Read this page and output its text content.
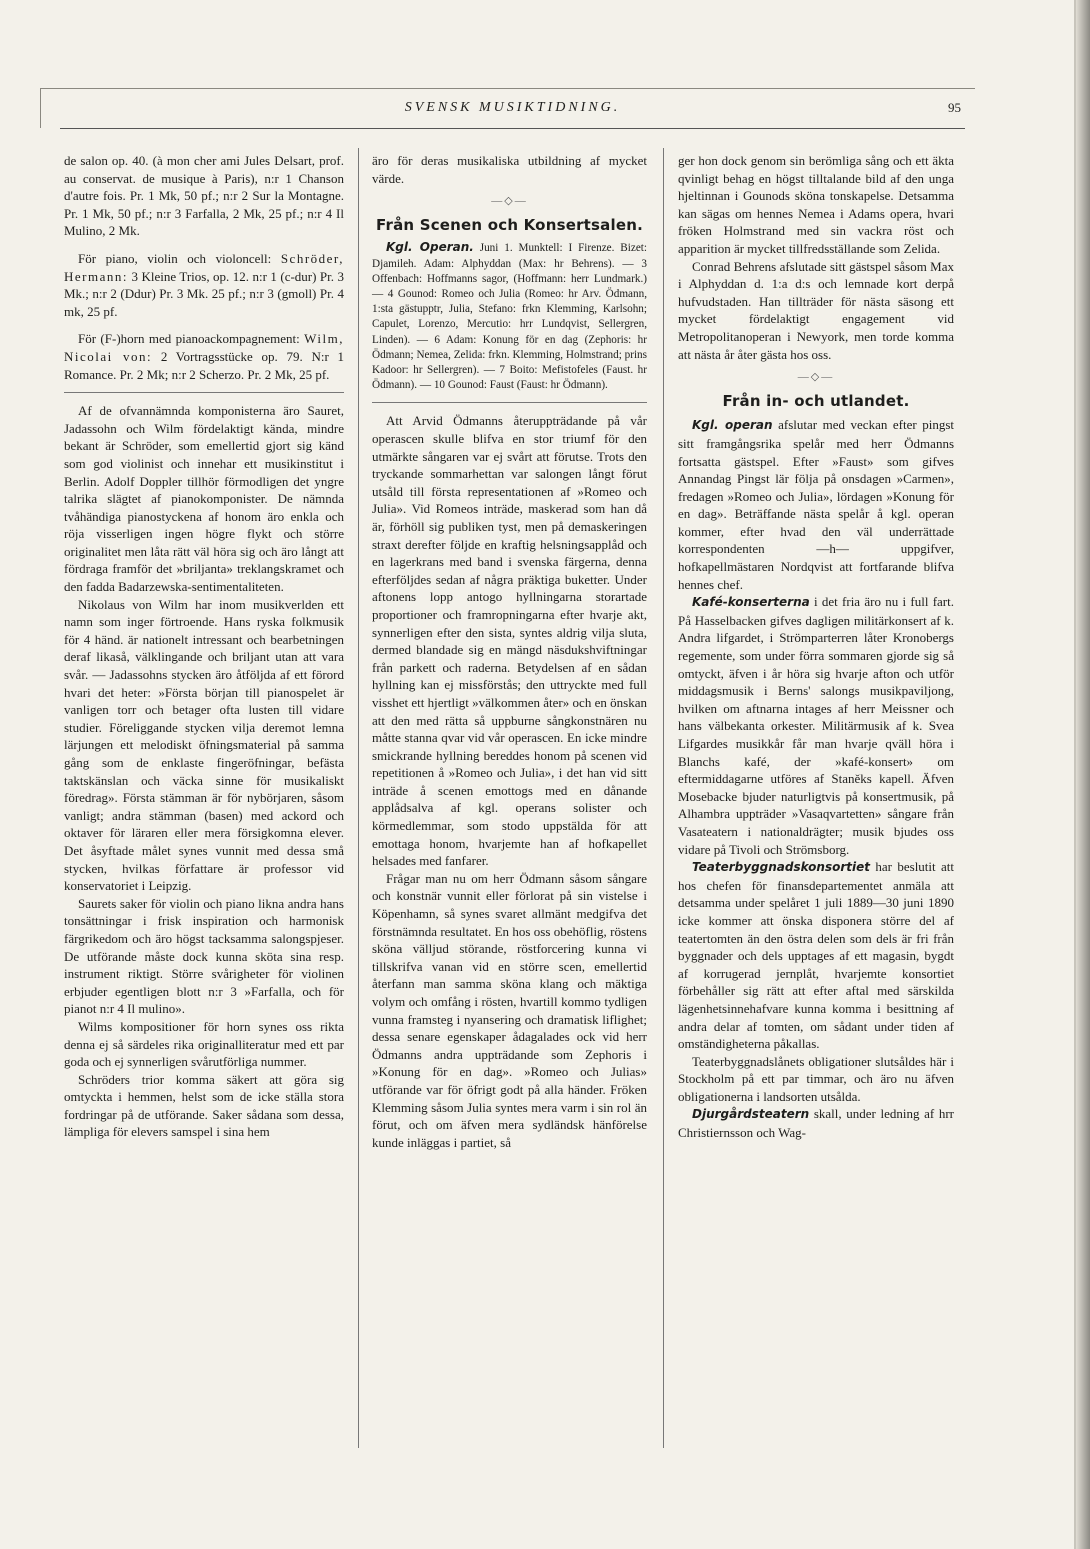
SVENSK MUSIKTIDNING.	95

de salon op. 40. (à mon cher ami Jules Delsart, prof. au conservat. de musique à Paris), n:r 1 Chanson d'autre fois. Pr. 1 Mk, 50 pf.; n:r 2 Sur la Montagne. Pr. 1 Mk, 50 pf.; n:r 3 Farfalla, 2 Mk, 25 pf.; n:r 4 Il Mulino, 2 Mk.

För piano, violin och violoncell: Schröder, Hermann: 3 Kleine Trios, op. 12. n:r 1 (c-dur) Pr. 3 Mk.; n:r 2 (Ddur) Pr. 3 Mk. 25 pf.; n:r 3 (gmoll) Pr. 4 mk, 25 pf.

För (F-)horn med pianoackompagnement: Wilm, Nicolai von: 2 Vortragsstücke op. 79. N:r 1 Romance. Pr. 2 Mk; n:r 2 Scherzo. Pr. 2 Mk, 25 pf.

Af de ofvannämnda komponisterna äro Sauret, Jadassohn och Wilm fördelaktigt kända, mindre bekant är Schröder, som emellertid gjort sig känd som god violinist och innehar ett musikinstitut i Berlin. Adolf Doppler tillhör förmodligen det yngre talrika slägtet af pianokomponister. De nämnda tvåhändiga pianostyckena af honom äro enkla och röja visserligen ingen högre flykt och större originalitet men låta rätt väl höra sig och äro långt att fördraga framför det »briljanta» treklangskramet och den fadda Badarzewska-sentimentaliteten.

Nikolaus von Wilm har inom musikverlden ett namn som inger förtroende. Hans ryska folkmusik för 4 händ. är nationelt intressant och bearbetningen deraf likaså, välklingande och briljant utan att vara svår. — Jadassohns stycken äro åtföljda af ett förord hvari det heter: »Första början till pianospelet är vanligen torr och betager ofta lusten till vidare studier. Föreliggande stycken vilja deremot lemna lärjungen ett melodiskt öfningsmaterial på samma gång som de enklaste fingeröfningar, befästa taktskänslan och väcka sinne för musikaliskt föredrag». Första stämman är för nybörjaren, såsom vanligt; andra stämman (basen) med ackord och oktaver för läraren eller mera försigkomna elever. Det åsyftade målet synes vunnit med dessa små stycken, hvilkas författare är professor vid konservatoriet i Leipzig.

Saurets saker för violin och piano likna andra hans tonsättningar i frisk inspiration och harmonisk färgrikedom och äro högst tacksamma salongspjeser. De utförande måste dock kunna sköta sina resp. instrument riktigt. Större svårigheter för violinen erbjuder egentligen blott n:r 3 »Farfalla, och för pianot n:r 4 Il mulino».

Wilms kompositioner för horn synes oss rikta denna ej så särdeles rika originalliteratur med ett par goda och ej synnerligen svårutförliga nummer.

Schröders trior komma säkert att göra sig omtyckta i hemmen, helst som de icke ställa stora fordringar på de utförande. Saker sådana som dessa, lämpliga för elevers samspel i sina hem

äro för deras musikaliska utbildning af mycket värde.

—◇—
Från Scenen och Konsertsalen.

Kgl. Operan. Juni 1. Munktell: I Firenze. Bizet: Djamileh. Adam: Alphyddan (Max: hr Behrens). — 3 Offenbach: Hoffmanns sagor, (Hoffmann: herr Lundmark.) — 4 Gounod: Romeo och Julia (Romeo: hr Arv. Ödmann, 1:sta gästupptr, Julia, Stefano: frkn Klemming, Karlsohn; Capulet, Lorenzo, Mercutio: hrr Lundqvist, Sellergren, Linden). — 6 Adam: Konung för en dag (Zephoris: hr Ödmann; Nemea, Zelida: frkn. Klemming, Holmstrand; prins Kadoor: hr Sellergren). — 7 Boito: Mefistofeles (Faust. hr Ödmann). — 10 Gounod: Faust (Faust: hr Ödmann).

Att Arvid Ödmanns återuppträdande på vår operascen skulle blifva en stor triumf för den utmärkte sångaren var ej svårt att förutse. Trots den tryckande sommarhettan var salongen långt förut utsåld till första representationen af »Romeo och Julia». Vid Romeos inträde, maskerad som han då är, förhöll sig publiken tyst, men på demaskeringen straxt derefter följde en kraftig helsningsapplåd och en lagerkrans med band i svenska färgerna, denna efterföljdes sedan af några präktiga buketter. Under aftonens lopp antogo hyllningarna storartade proportioner och framropningarna efter hvarje akt, synnerligen efter den sista, syntes aldrig vilja sluta, dermed blandade sig en mängd näsdukshviftningar från parkett och raderna. Betydelsen af en sådan hyllning kan ej missförstås; den uttryckte med full visshet ett hjertligt »välkommen åter» och en önskan att den med rätta så uppburne sångkonstnären nu måtte stanna qvar vid vår operascen. En icke mindre smickrande hyllning bereddes honom på scenen vid repetitionen å »Romeo och Julia», i det han vid sitt inträde å scenen emottogs med en dånande applådsalva af kgl. operans solister och körmedlemmar, som stodo uppstälda för att emottaga honom, hvarjemte han af hofkapellet helsades med fanfarer.

Frågar man nu om herr Ödmann såsom sångare och konstnär vunnit eller förlorat på sin vistelse i Köpenhamn, så synes svaret allmänt medgifva det förstnämnda resultatet. En hos oss obehöflig, röstens sköna välljud störande, röstforcering kunna vi tillskrifva vanan vid en större scen, emellertid återfann man samma sköna klang och mäktiga volym och omfång i rösten, hvartill kommo tydligen vunna framsteg i nyansering och dramatisk liflighet; dessa senare egenskaper ådagalades ock vid herr Ödmanns andra uppträdande som Zephoris i »Konung för en dag». »Romeo och Julias» utförande var för öfrigt godt på alla händer. Fröken Klemming såsom Julia syntes mera varm i sin rol än förut, och om äfven mera sydländsk hänförelse kunde inläggas i partiet, så

ger hon dock genom sin berömliga sång och ett äkta qvinligt behag en högst tilltalande bild af den unga hjeltinnan i Gounods sköna tonskapelse. Detsamma kan sägas om hennes Nemea i Adams opera, hvari fröken Holmstrand med sin vackra röst och apparition är mycket tillfredsställande som Zelida.

Conrad Behrens afslutade sitt gästspel såsom Max i Alphyddan d. 1:a d:s och lemnade kort derpå hufvudstaden. Han tillträder för nästa säsong ett mycket fördelaktigt engagement vid Metropolitanoperan i Newyork, men torde komma att nästa år åter gästa hos oss.

—◇—
Från in- och utlandet.

Kgl. operan afslutar med veckan efter pingst sitt framgångsrika spelår med herr Ödmanns fortsatta gästspel. Efter »Faust» som gifves Annandag Pingst lär följa på onsdagen »Carmen», fredagen »Romeo och Julia», lördagen »Konung för en dag». Beträffande nästa spelår å kgl. operan kommer, efter hvad den väl underrättade korrespondenten —h— uppgifver, hofkapellmästaren Nordqvist att fortfarande blifva hennes chef.

Kafé-konserterna i det fria äro nu i full fart. På Hasselbacken gifves dagligen militärkonsert af k. Andra lifgardet, i Strömparterren låter Kronobergs regemente, som under förra sommaren gjorde sig så omtyckt, äfven i år höra sig hvarje afton och utför middagsmusik i Berns' salongs musikpaviljong, hvilken om aftnarna intages af herr Meissner och hans välbekanta orkester. Militärmusik af k. Svea Lifgardes musikkår får man hvarje qväll höra i Blanchs kafé, der »kafé-konsert» om eftermiddagarne utföres af Staněks kapell. Äfven Mosebacke bjuder naturligtvis på konsertmusik, på Alhambra uppträder »Vasaqvartetten» sångare från Vasateatern i nationaldrägter; musik bjudes oss vidare på Tivoli och Strömsborg.

Teaterbyggnadskonsortiet har beslutit att hos chefen för finansdepartementet anmäla att detsamma under spelåret 1 juli 1889—30 juni 1890 icke kommer att önska disponera större del af teatertomten än den östra delen som dels är fri från byggnader och dels upptages af ett magasin, bygdt af korrugerad jernplåt, hvarjemte konsortiet förbehåller sig rätt att efter aftal med särskilda lägenhetsinnehafvare kunna komma i besittning af andra delar af tomten, om sådant under tiden af omständigheterna påkallas.

Teaterbyggnadslånets obligationer slutsåldes här i Stockholm på ett par timmar, och äro nu äfven obligationerna i landsorten utsålda.

Djurgårdsteatern skall, under ledning af hrr Christiernsson och Wag-
